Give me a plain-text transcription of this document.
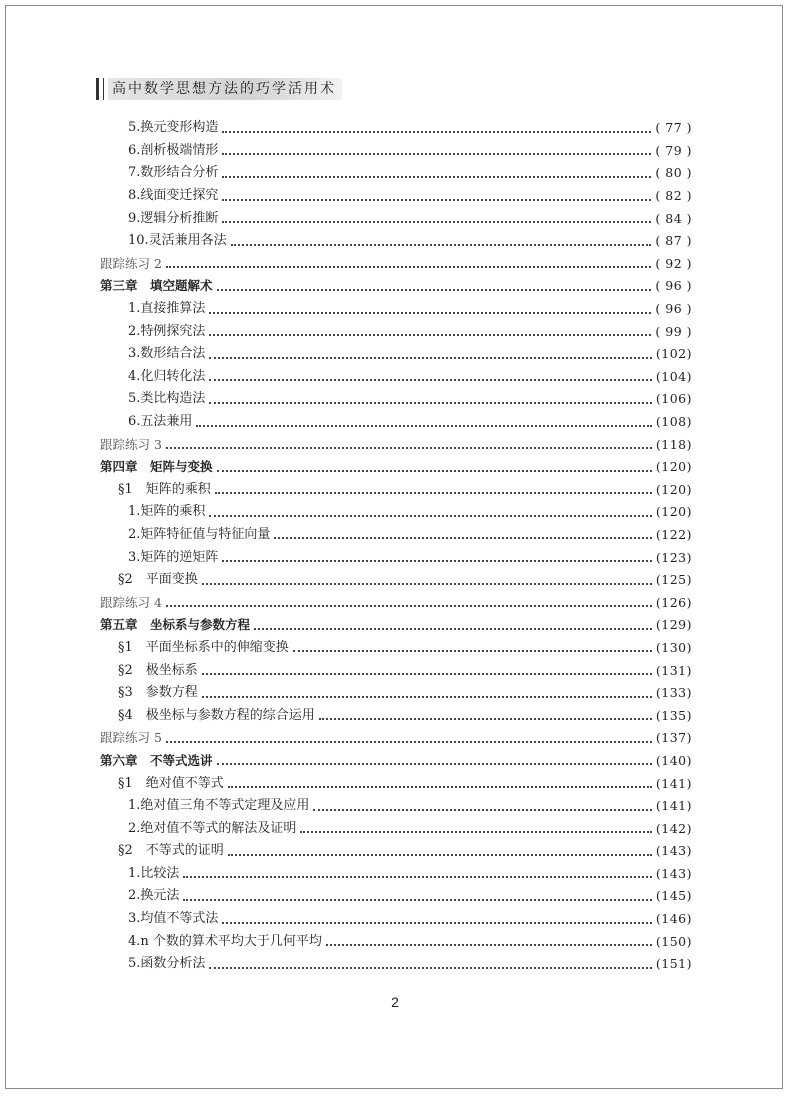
高中数学思想方法的巧学活用术
5.换元变形构造	( 77 )
6.剖析极端情形	( 79 )
7.数形结合分析	( 80 )
8.线面变迁探究	( 82 )
9.逻辑分析推断	( 84 )
10.灵活兼用各法	( 87 )
跟踪练习 2	( 92 )
第三章　填空题解术	( 96 )
1.直接推算法	( 96 )
2.特例探究法	( 99 )
3.数形结合法	(102)
4.化归转化法	(104)
5.类比构造法	(106)
6.五法兼用	(108)
跟踪练习 3	(118)
第四章　矩阵与变换	(120)
§1　矩阵的乘积	(120)
1.矩阵的乘积	(120)
2.矩阵特征值与特征向量	(122)
3.矩阵的逆矩阵	(123)
§2　平面变换	(125)
跟踪练习 4	(126)
第五章　坐标系与参数方程	(129)
§1　平面坐标系中的伸缩变换	(130)
§2　极坐标系	(131)
§3　参数方程	(133)
§4　极坐标与参数方程的综合运用	(135)
跟踪练习 5	(137)
第六章　不等式选讲	(140)
§1　绝对值不等式	(141)
1.绝对值三角不等式定理及应用	(141)
2.绝对值不等式的解法及证明	(142)
§2　不等式的证明	(143)
1.比较法	(143)
2.换元法	(145)
3.均值不等式法	(146)
4.n 个数的算术平均大于几何平均	(150)
5.函数分析法	(151)
2
